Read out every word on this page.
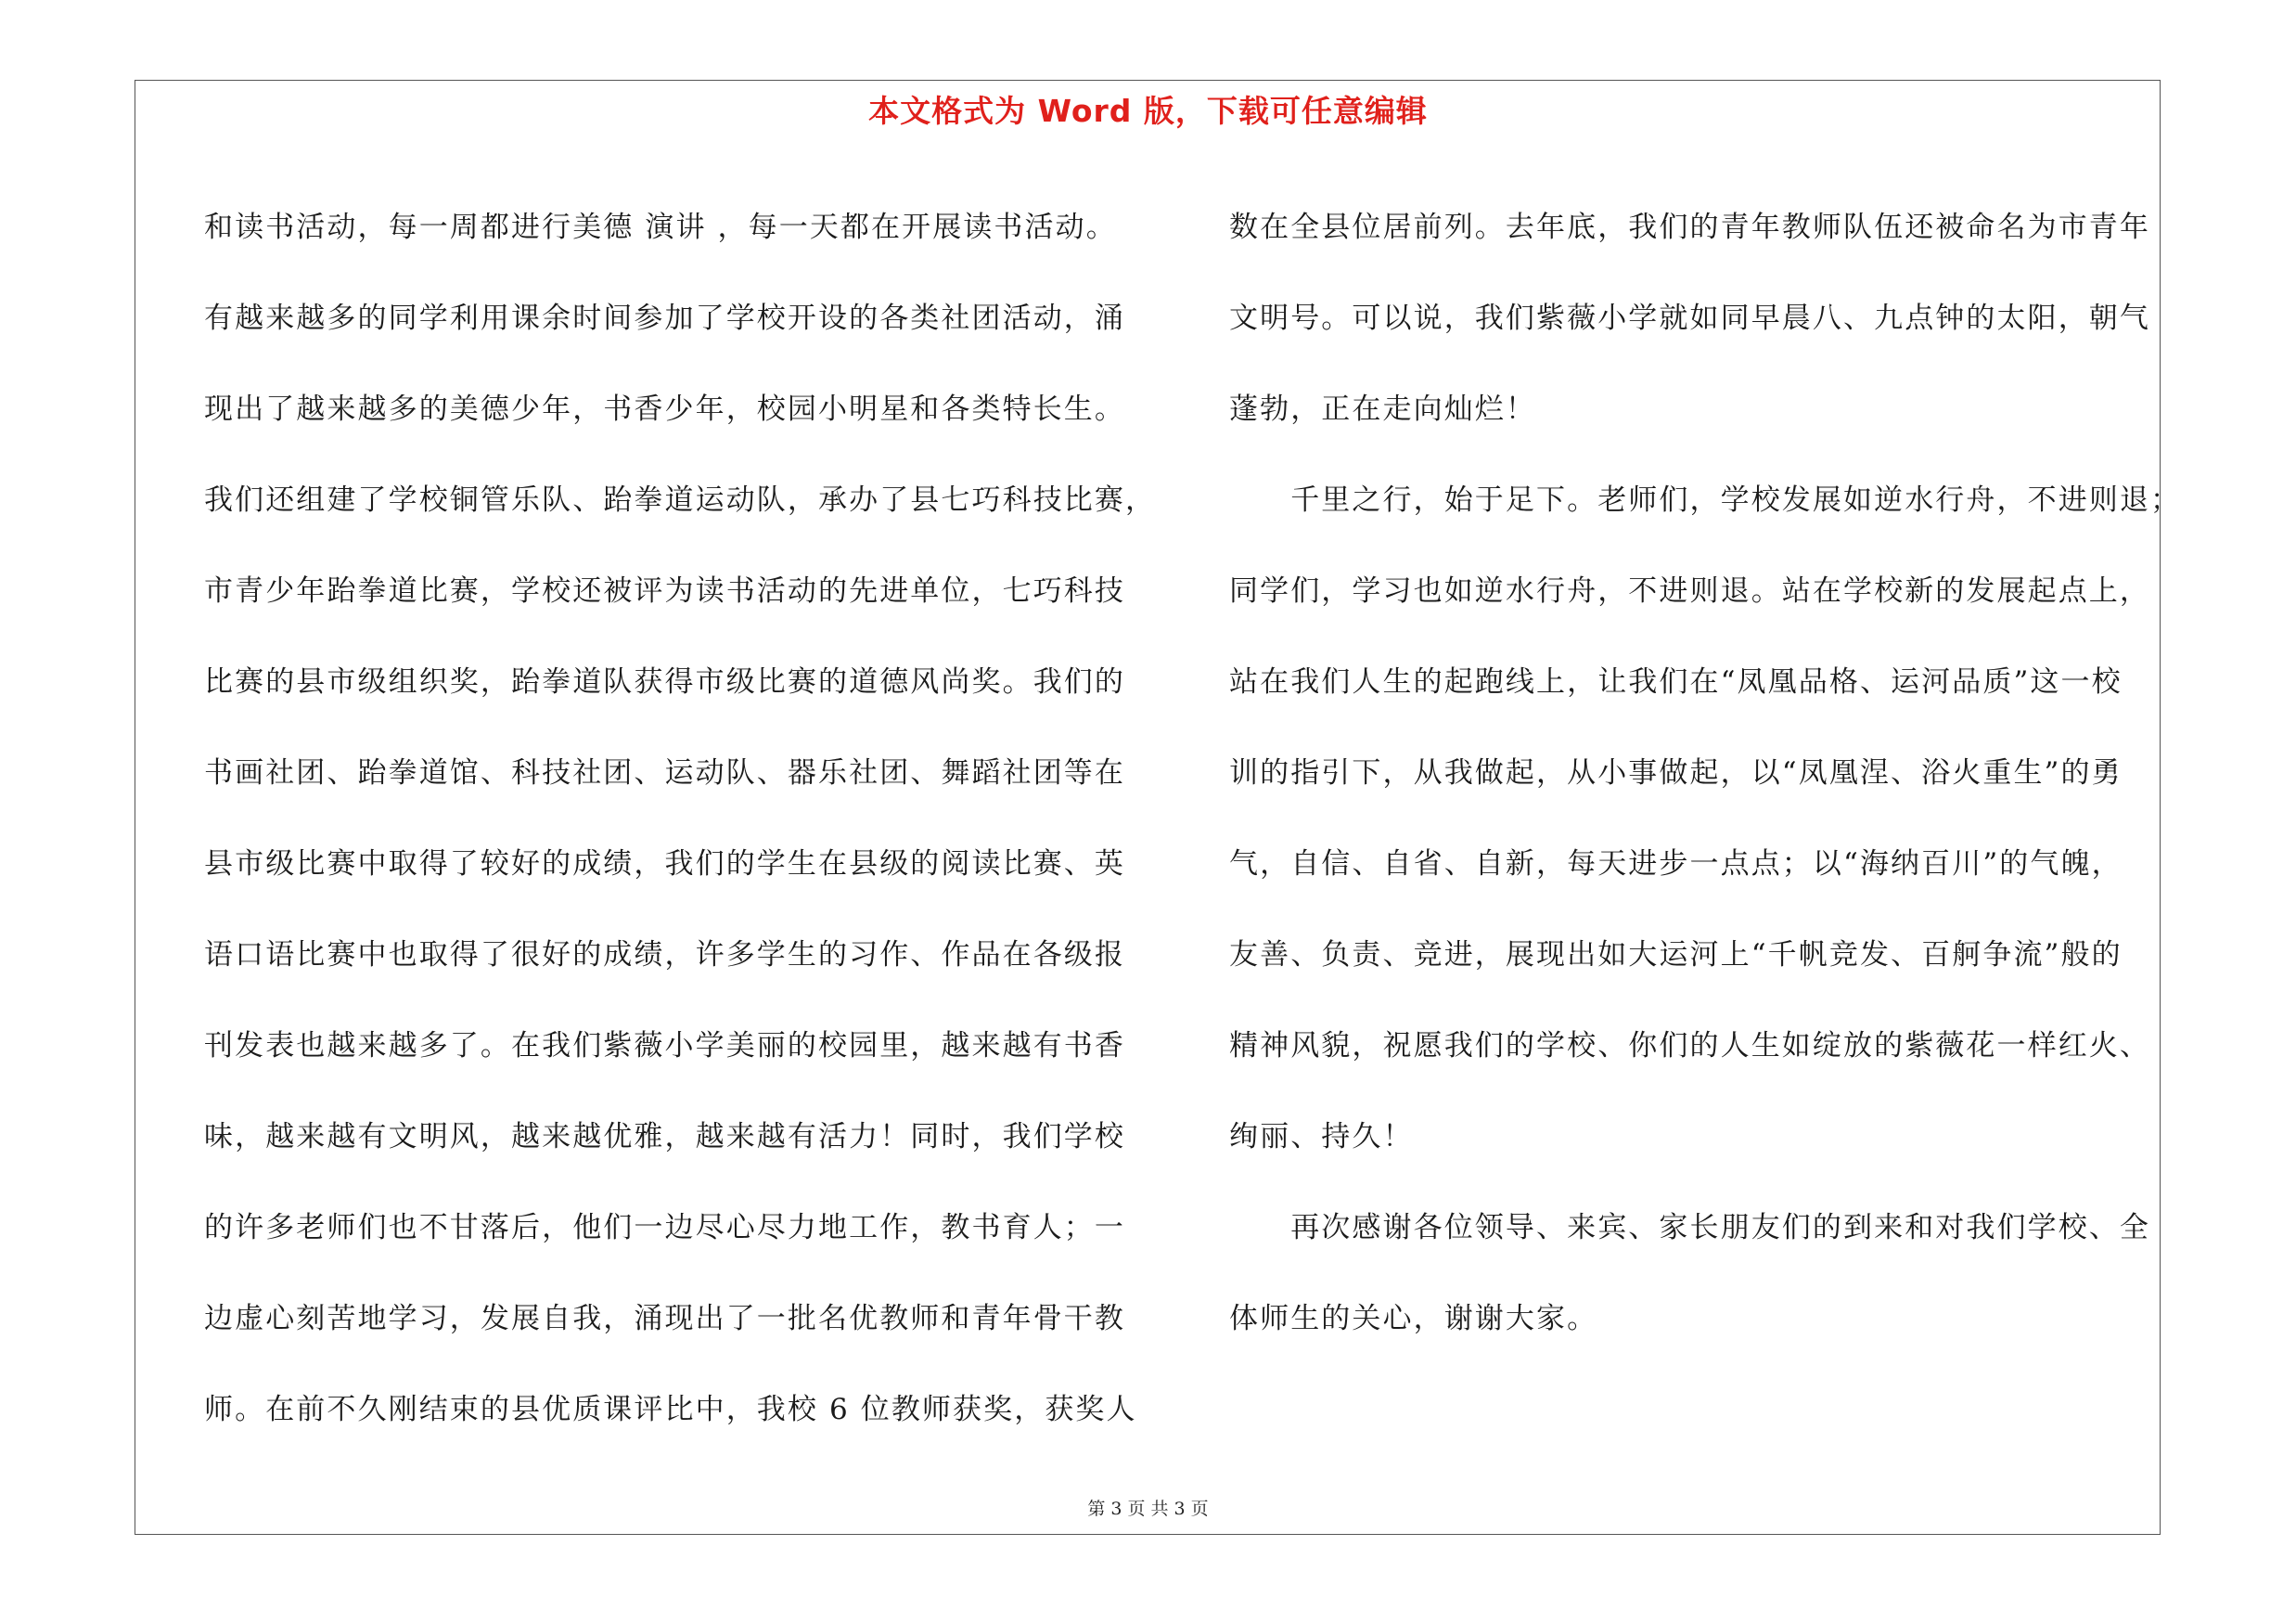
本文格式为 Word 版，下载可任意编辑
和读书活动，每一周都进行美德 演讲 ，每一天都在开展读书活动。
有越来越多的同学利用课余时间参加了学校开设的各类社团活动，涌
现出了越来越多的美德少年，书香少年，校园小明星和各类特长生。
我们还组建了学校铜管乐队、跆拳道运动队，承办了县七巧科技比赛，
市青少年跆拳道比赛，学校还被评为读书活动的先进单位，七巧科技
比赛的县市级组织奖，跆拳道队获得市级比赛的道德风尚奖。我们的
书画社团、跆拳道馆、科技社团、运动队、器乐社团、舞蹈社团等在
县市级比赛中取得了较好的成绩，我们的学生在县级的阅读比赛、英
语口语比赛中也取得了很好的成绩，许多学生的习作、作品在各级报
刊发表也越来越多了。在我们紫薇小学美丽的校园里，越来越有书香
味，越来越有文明风，越来越优雅，越来越有活力！同时，我们学校
的许多老师们也不甘落后，他们一边尽心尽力地工作，教书育人；一
边虚心刻苦地学习，发展自我，涌现出了一批名优教师和青年骨干教
师。在前不久刚结束的县优质课评比中，我校 6 位教师获奖，获奖人
数在全县位居前列。去年底，我们的青年教师队伍还被命名为市青年
文明号。可以说，我们紫薇小学就如同早晨八、九点钟的太阳，朝气
蓬勃，正在走向灿烂！
　　千里之行，始于足下。老师们，学校发展如逆水行舟，不进则退；
同学们，学习也如逆水行舟，不进则退。站在学校新的发展起点上，
站在我们人生的起跑线上，让我们在“凤凰品格、运河品质”这一校
训的指引下，从我做起，从小事做起，以“凤凰涅、浴火重生”的勇
气，自信、自省、自新，每天进步一点点；以“海纳百川”的气魄，
友善、负责、竞进，展现出如大运河上“千帆竞发、百舸争流”般的
精神风貌，祝愿我们的学校、你们的人生如绽放的紫薇花一样红火、
绚丽、持久！
　　再次感谢各位领导、来宾、家长朋友们的到来和对我们学校、全
体师生的关心，谢谢大家。
第 3 页 共 3 页
